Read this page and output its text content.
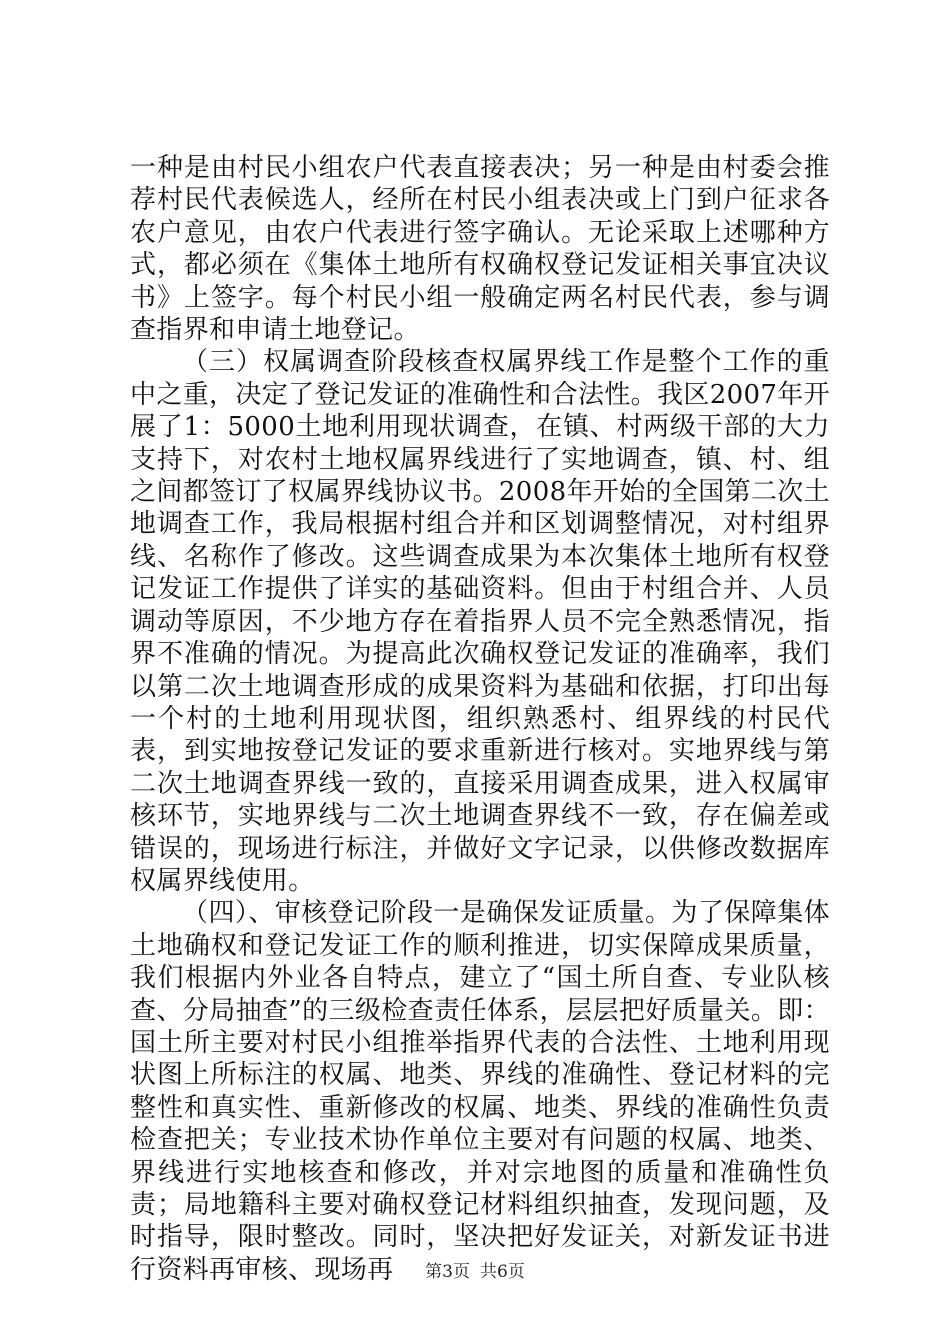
一种是由村民小组农户代表直接表决；另一种是由村委会推荐村民代表候选人，经所在村民小组表决或上门到户征求各农户意见，由农户代表进行签字确认。无论采取上述哪种方式，都必须在《集体土地所有权确权登记发证相关事宜决议书》上签字。每个村民小组一般确定两名村民代表，参与调查指界和申请土地登记。

（三）权属调查阶段核查权属界线工作是整个工作的重中之重，决定了登记发证的准确性和合法性。我区2007年开展了1：5000土地利用现状调查，在镇、村两级干部的大力支持下，对农村土地权属界线进行了实地调查，镇、村、组之间都签订了权属界线协议书。2008年开始的全国第二次土地调查工作，我局根据村组合并和区划调整情况，对村组界线、名称作了修改。这些调查成果为本次集体土地所有权登记发证工作提供了详实的基础资料。但由于村组合并、人员调动等原因，不少地方存在着指界人员不完全熟悉情况，指界不准确的情况。为提高此次确权登记发证的准确率，我们以第二次土地调查形成的成果资料为基础和依据，打印出每一个村的土地利用现状图，组织熟悉村、组界线的村民代表，到实地按登记发证的要求重新进行核对。实地界线与第二次土地调查界线一致的，直接采用调查成果，进入权属审核环节，实地界线与二次土地调查界线不一致，存在偏差或错误的，现场进行标注，并做好文字记录，以供修改数据库权属界线使用。

（四）、审核登记阶段一是确保发证质量。为了保障集体土地确权和登记发证工作的顺利推进，切实保障成果质量，我们根据内外业各自特点，建立了“国土所自查、专业队核查、分局抽查”的三级检查责任体系，层层把好质量关。即：国土所主要对村民小组推举指界代表的合法性、土地利用现状图上所标注的权属、地类、界线的准确性、登记材料的完整性和真实性、重新修改的权属、地类、界线的准确性负责检查把关；专业技术协作单位主要对有问题的权属、地类、界线进行实地核查和修改，并对宗地图的质量和准确性负责；局地籍科主要对确权登记材料组织抽查，发现问题，及时指导，限时整改。同时，坚决把好发证关，对新发证书进行资料再审核、现场再	第3页 共6页
